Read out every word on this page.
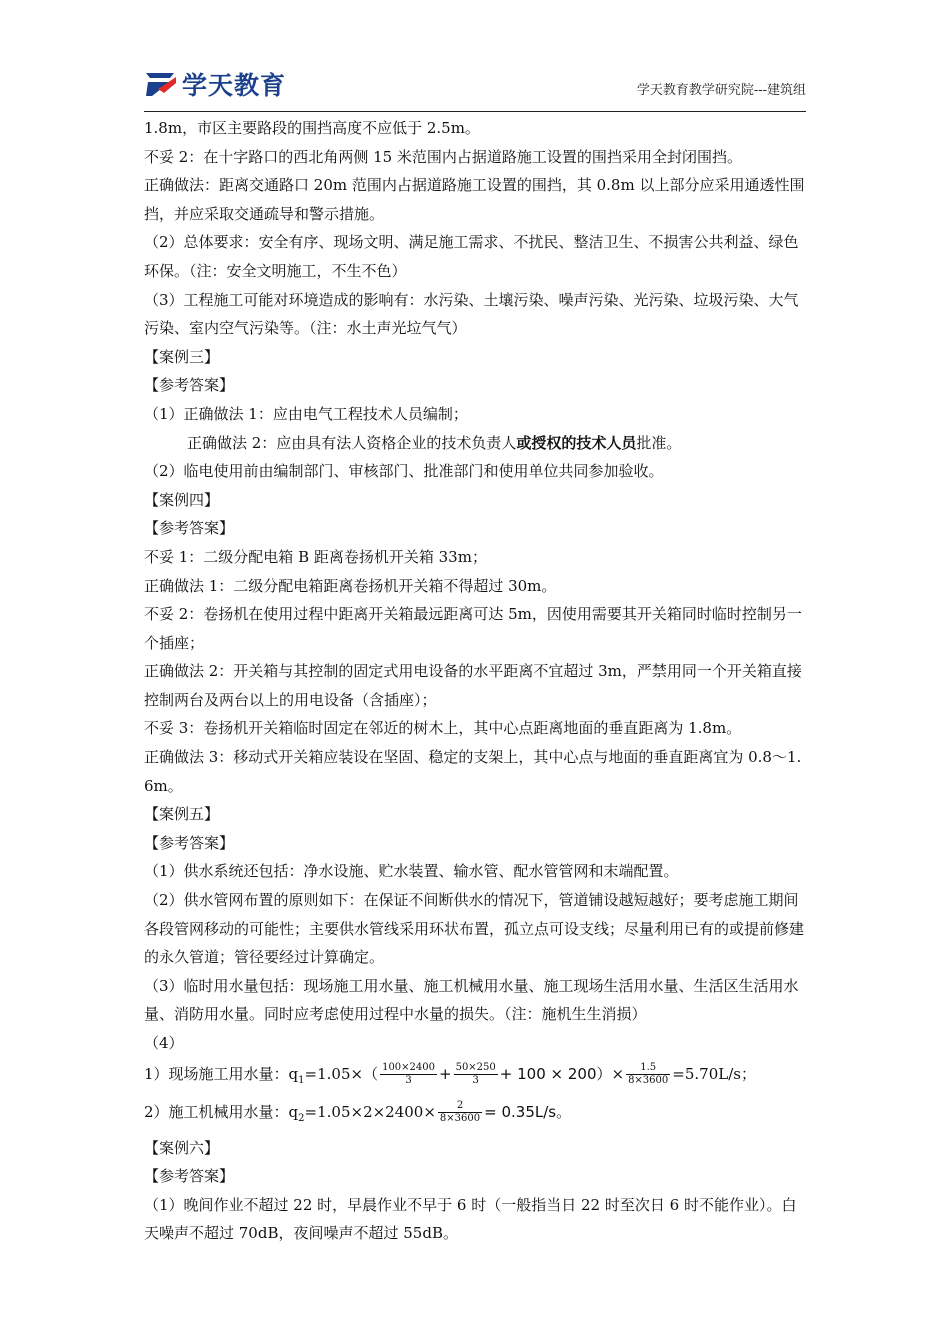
学天教育	学天教育教学研究院---建筑组

1.8m，市区主要路段的围挡高度不应低于 2.5m。

不妥 2：在十字路口的西北角两侧 15 米范围内占据道路施工设置的围挡采用全封闭围挡。

正确做法：距离交通路口 20m 范围内占据道路施工设置的围挡，其 0.8m 以上部分应采用通透性围挡，并应采取交通疏导和警示措施。

（2）总体要求：安全有序、现场文明、满足施工需求、不扰民、整洁卫生、不损害公共利益、绿色环保。（注：安全文明施工，不生不色）

（3）工程施工可能对环境造成的影响有：水污染、土壤污染、噪声污染、光污染、垃圾污染、大气污染、室内空气污染等。（注：水土声光垃气气）

【案例三】

【参考答案】

（1）正确做法 1：应由电气工程技术人员编制；

正确做法 2：应由具有法人资格企业的技术负责人或授权的技术人员批准。

（2）临电使用前由编制部门、审核部门、批准部门和使用单位共同参加验收。

【案例四】

【参考答案】

不妥 1：二级分配电箱 B 距离卷扬机开关箱 33m；

正确做法 1：二级分配电箱距离卷扬机开关箱不得超过 30m。

不妥 2：卷扬机在使用过程中距离开关箱最远距离可达 5m，因使用需要其开关箱同时临时控制另一个插座；

正确做法 2：开关箱与其控制的固定式用电设备的水平距离不宜超过 3m，严禁用同一个开关箱直接控制两台及两台以上的用电设备（含插座）；

不妥 3：卷扬机开关箱临时固定在邻近的树木上，其中心点距离地面的垂直距离为 1.8m。

正确做法 3：移动式开关箱应装设在坚固、稳定的支架上，其中心点与地面的垂直距离宜为 0.8～1.6m。

【案例五】

【参考答案】

（1）供水系统还包括：净水设施、贮水装置、输水管、配水管管网和末端配置。

（2）供水管网布置的原则如下：在保证不间断供水的情况下，管道铺设越短越好；要考虑施工期间各段管网移动的可能性；主要供水管线采用环状布置，孤立点可设支线；尽量利用已有的或提前修建的永久管道；管径要经过计算确定。

（3）临时用水量包括：现场施工用水量、施工机械用水量、施工现场生活用水量、生活区生活用水量、消防用水量。同时应考虑使用过程中水量的损失。（注：施机生生消损）

（4）

1）现场施工用水量：$q_1=1.05\times( \frac{100\times 2400}{3} + \frac{50\times 250}{3} + 100 \times 200)\times \frac{1.5}{8\times 3600} =5.70L/s$；

2）施工机械用水量：$q_2=1.05\times 2\times 2400\times \frac{2}{8\times 3600} = 0.35L/s$。

【案例六】

【参考答案】

（1）晚间作业不超过 22 时，早晨作业不早于 6 时（一般指当日 22 时至次日 6 时不能作业）。白天噪声不超过 70dB，夜间噪声不超过 55dB。
